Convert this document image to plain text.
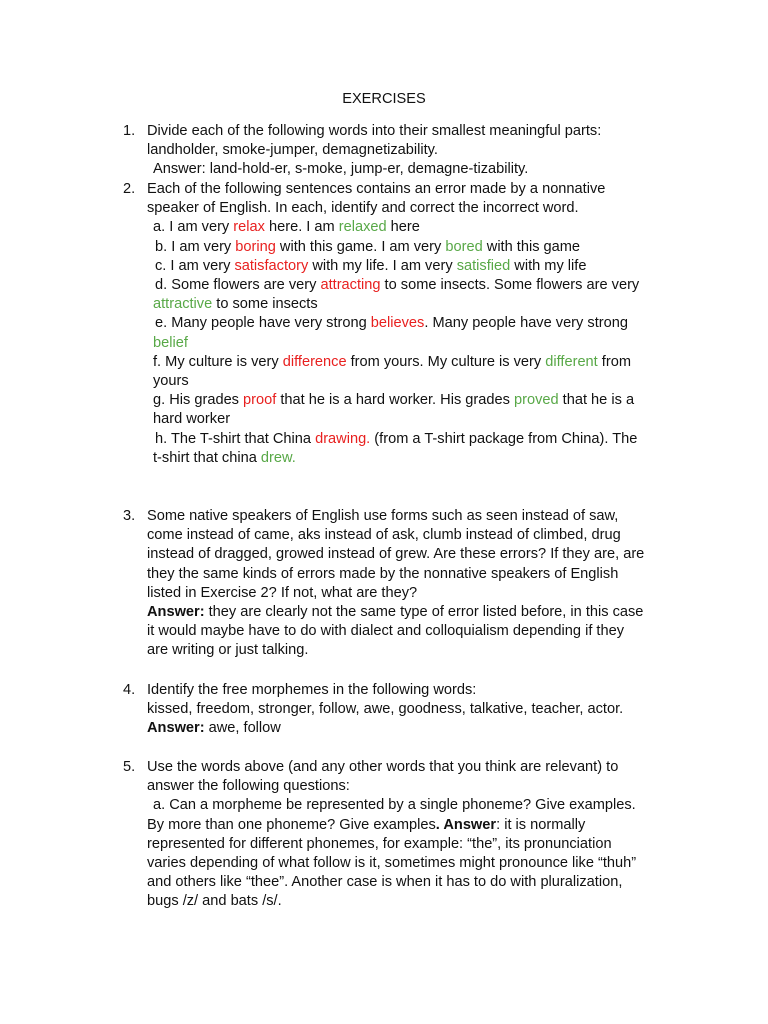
EXERCISES
1. Divide each of the following words into their smallest meaningful parts:
landholder, smoke-jumper, demagnetizability.
Answer: land-hold-er, s-moke, jump-er, demagne-tizability.
2. Each of the following sentences contains an error made by a nonnative
speaker of English. In each, identify and correct the incorrect word.
a. I am very relax here. I am relaxed here
b. I am very boring with this game. I am very bored with this game
c. I am very satisfactory with my life. I am very satisfied with my life
d. Some flowers are very attracting to some insects. Some flowers are very
attractive to some insects
e. Many people have very strong believes. Many people have very strong
belief
f. My culture is very difference from yours. My culture is very different from
yours
g. His grades proof that he is a hard worker. His grades proved that he is a
hard worker
h. The T-shirt that China drawing. (from a T-shirt package from China). The
t-shirt that china drew.
3. Some native speakers of English use forms such as seen instead of saw,
come instead of came, aks instead of ask, clumb instead of climbed, drug
instead of dragged, growed instead of grew. Are these errors? If they are, are
they the same kinds of errors made by the nonnative speakers of English
listed in Exercise 2? If not, what are they?
Answer: they are clearly not the same type of error listed before, in this case
it would maybe have to do with dialect and colloquialism depending if they
are writing or just talking.
4. Identify the free morphemes in the following words:
kissed, freedom, stronger, follow, awe, goodness, talkative, teacher, actor.
Answer: awe, follow
5. Use the words above (and any other words that you think are relevant) to
answer the following questions:
a. Can a morpheme be represented by a single phoneme? Give examples.
By more than one phoneme? Give examples. Answer: it is normally
represented for different phonemes, for example: “the”, its pronunciation
varies depending of what follow is it, sometimes might pronounce like “thuh”
and others like “thee”. Another case is when it has to do with pluralization,
bugs /z/ and bats /s/.
